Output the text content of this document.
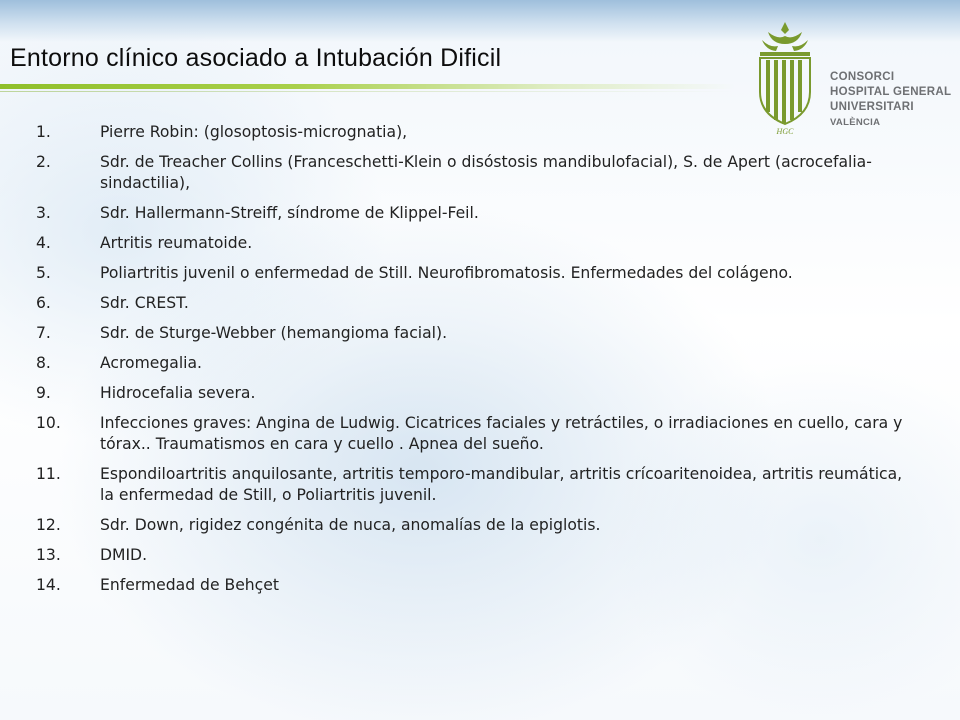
Entorno clínico asociado a Intubación Dificil
HGC
CONSORCI
HOSPITAL GENERAL
UNIVERSITARI
VALÈNCIA
1.	Pierre Robin: (glosoptosis-micrognatia),
2.	Sdr. de Treacher Collins (Franceschetti-Klein o disóstosis mandibulofacial), S. de Apert (acrocefalia-sindactilia),
3.	Sdr. Hallermann-Streiff, síndrome de Klippel-Feil.
4.	Artritis reumatoide.
5.	Poliartritis juvenil o enfermedad de Still. Neurofibromatosis. Enfermedades del colágeno.
6.	Sdr. CREST.
7.	Sdr. de Sturge-Webber (hemangioma facial).
8.	Acromegalia.
9.	Hidrocefalia severa.
10.	Infecciones graves: Angina de Ludwig. Cicatrices faciales y retráctiles, o irradiaciones en cuello, cara y tórax.. Traumatismos en cara y cuello . Apnea del sueño.
11.	Espondiloartritis anquilosante, artritis temporo-mandibular, artritis crícoaritenoidea, artritis reumática, la enfermedad de Still, o Poliartritis juvenil.
12.	Sdr. Down, rigidez congénita de nuca, anomalías de la epiglotis.
13.	DMID.
14.	Enfermedad de Behçet
